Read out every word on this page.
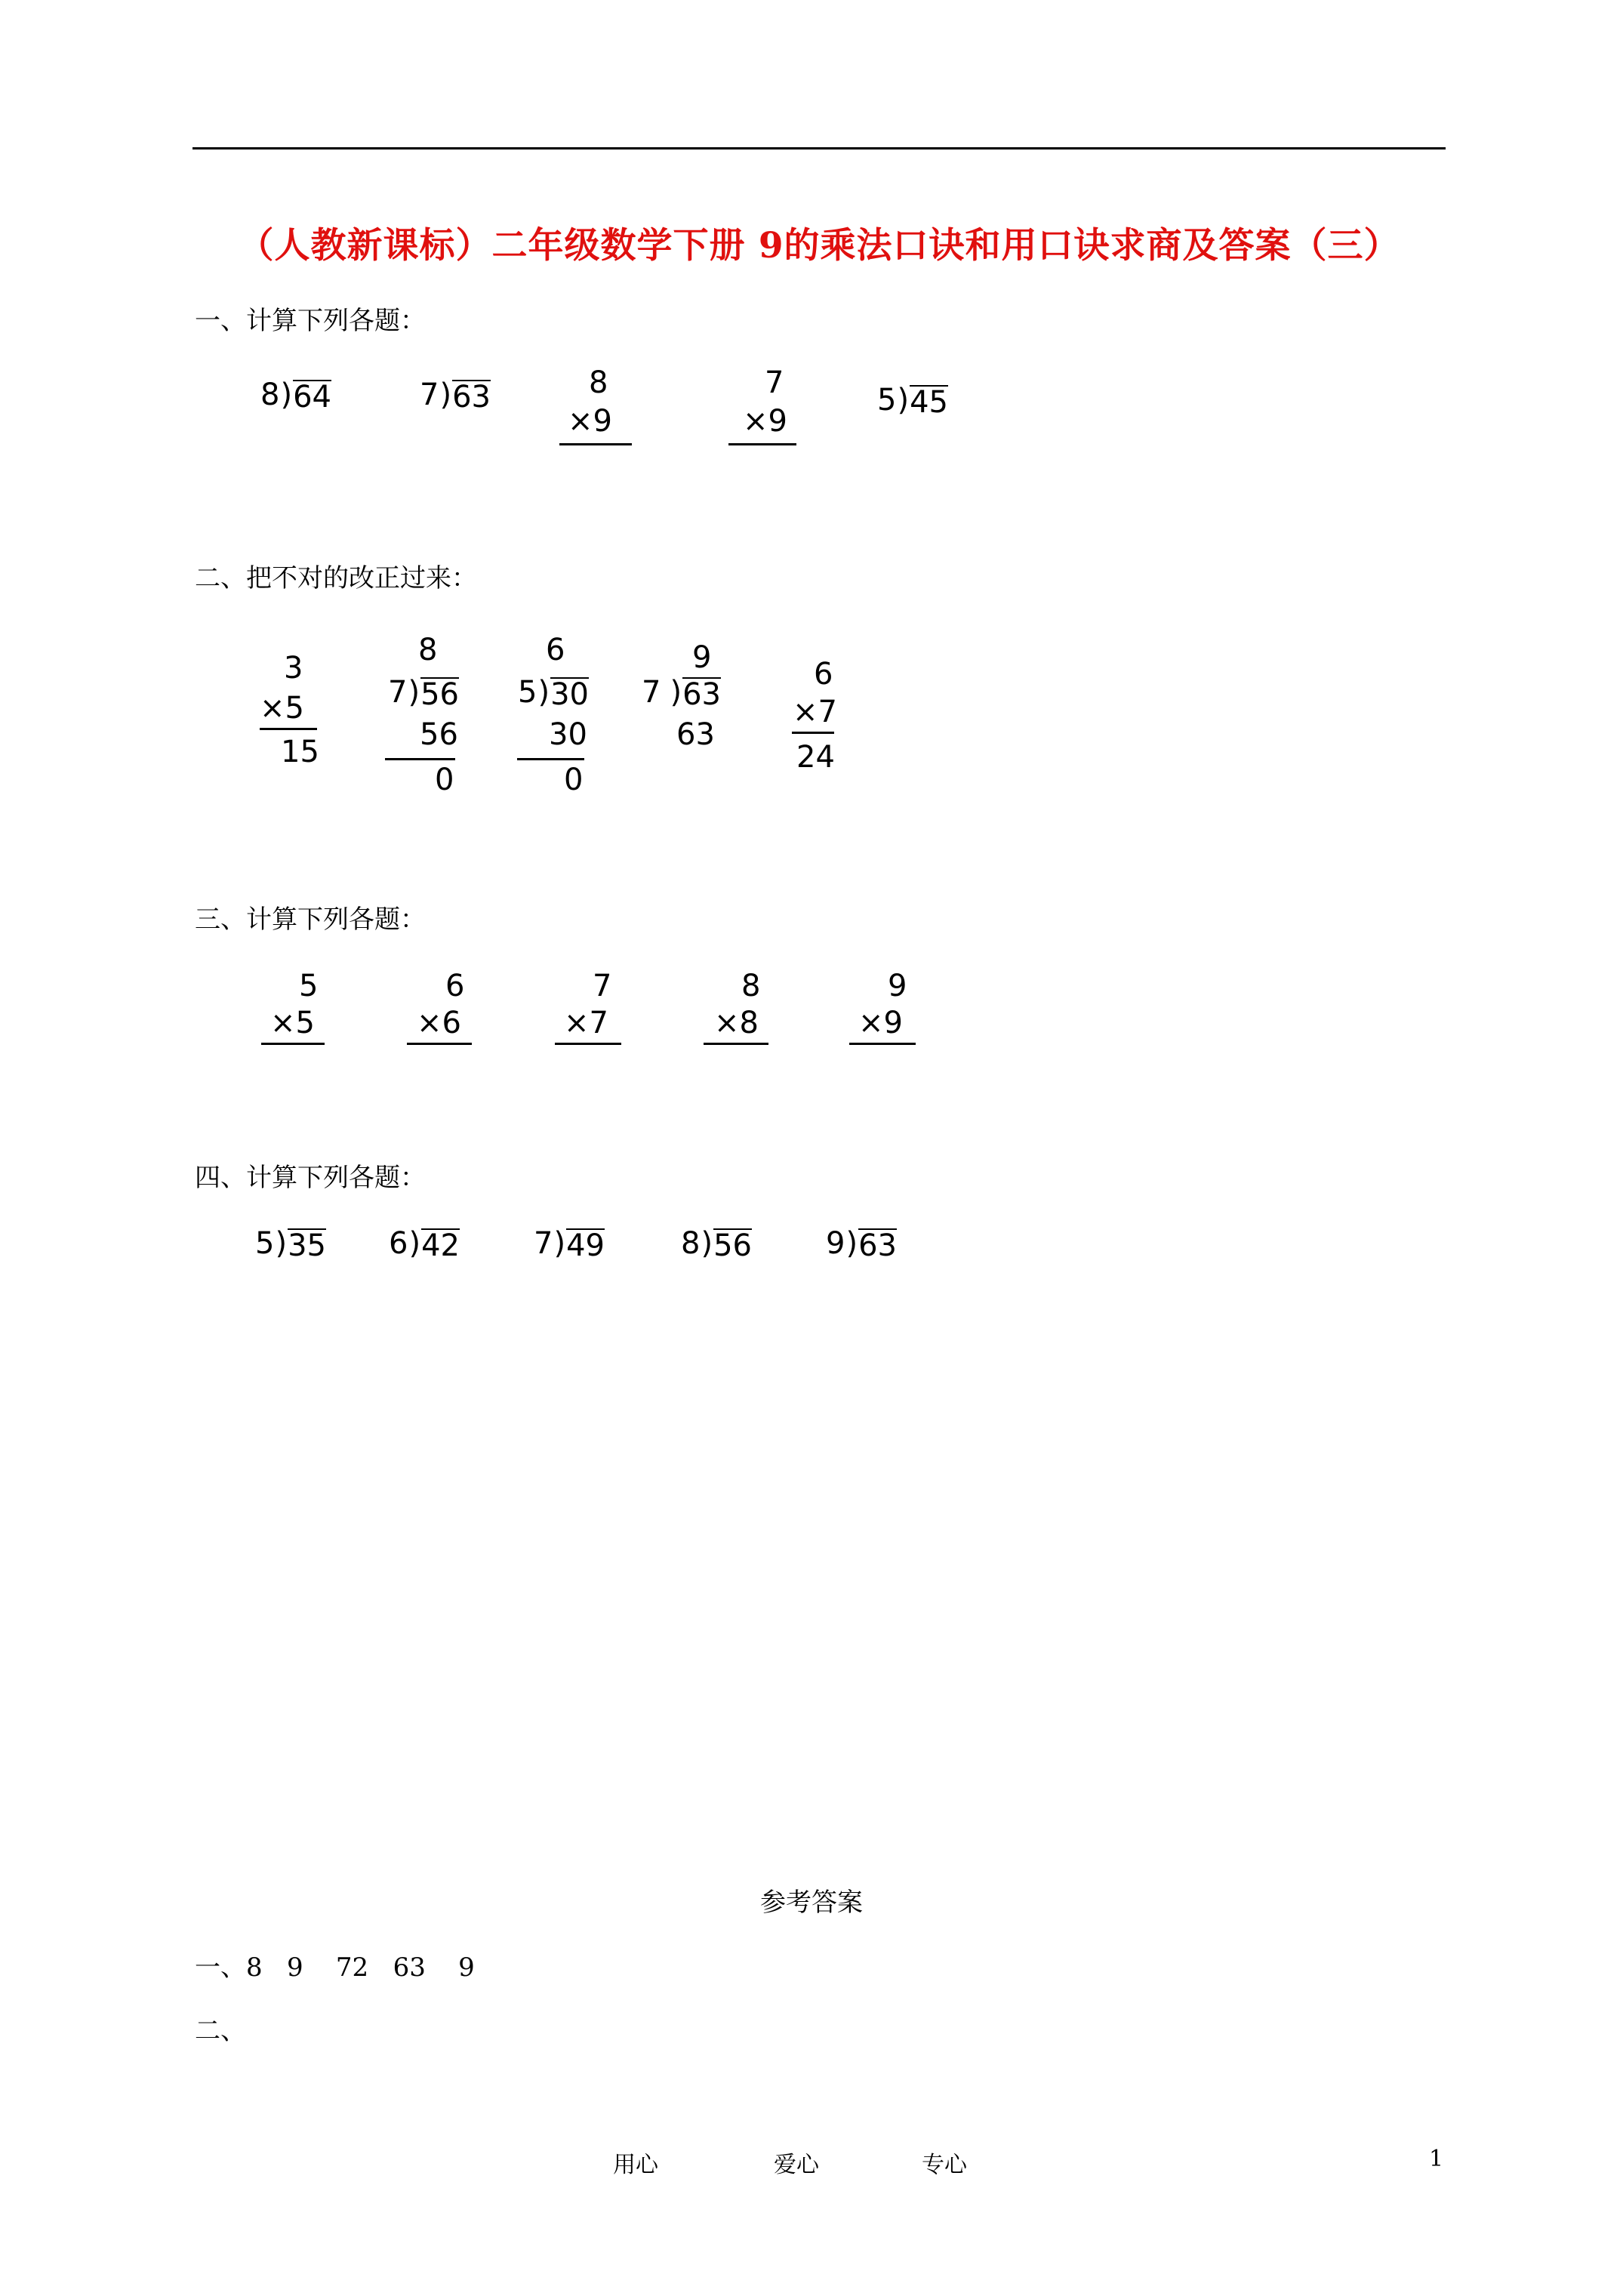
（人教新课标）二年级数学下册 9的乘法口诀和用口诀求商及答案（三）
一、计算下列各题：
8 ) 64	7 ) 63	8
×9
7
×9
5 ) 45
二、把不对的改正过来：
3
×5
15
8
7 ) 56
56
0
6
5 ) 30
30
0
9
7 ) 63
63
6
×7
24
三、计算下列各题：
5
×5
6
×6
7
×7
8
×8
9
×9
四、计算下列各题：
5 ) 35 6 ) 42 7 ) 49	8 ) 56 9 ) 63
参考答案
一、8   9    72   63    9
二、
用心	爱心	专心	1
